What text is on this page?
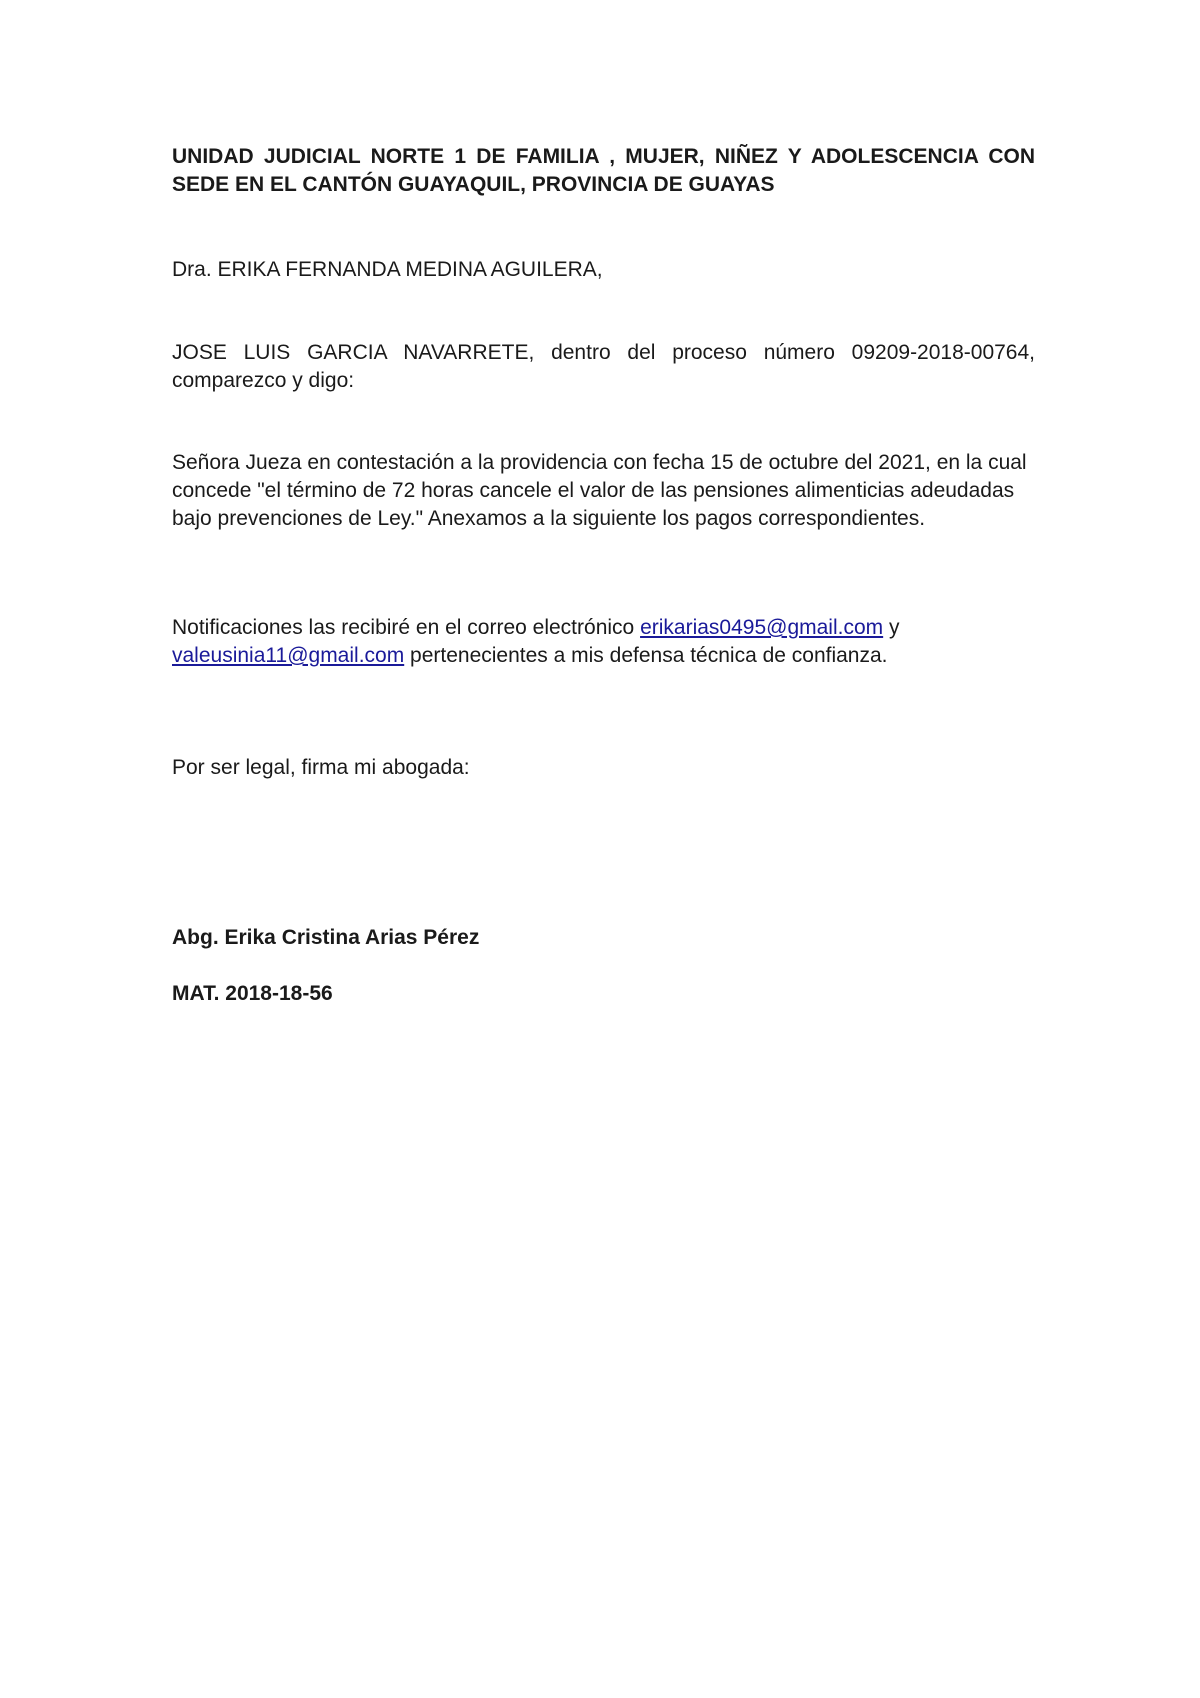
UNIDAD JUDICIAL NORTE 1 DE FAMILIA , MUJER, NIÑEZ Y ADOLESCENCIA CON SEDE EN EL CANTÓN GUAYAQUIL, PROVINCIA DE GUAYAS

Dra. ERIKA FERNANDA MEDINA AGUILERA,

JOSE LUIS GARCIA NAVARRETE, dentro del proceso número 09209-2018-00764, comparezco y digo:

Señora Jueza en contestación a la providencia con fecha 15 de octubre del 2021, en la cual concede "el término de 72 horas cancele el valor de las pensiones alimenticias adeudadas bajo prevenciones de Ley." Anexamos a la siguiente los pagos correspondientes.

Notificaciones las recibiré en el correo electrónico erikarias0495@gmail.com y valeusinia11@gmail.com pertenecientes a mis defensa técnica de confianza.

Por ser legal, firma mi abogada:

Abg. Erika Cristina Arias Pérez

MAT. 2018-18-56
